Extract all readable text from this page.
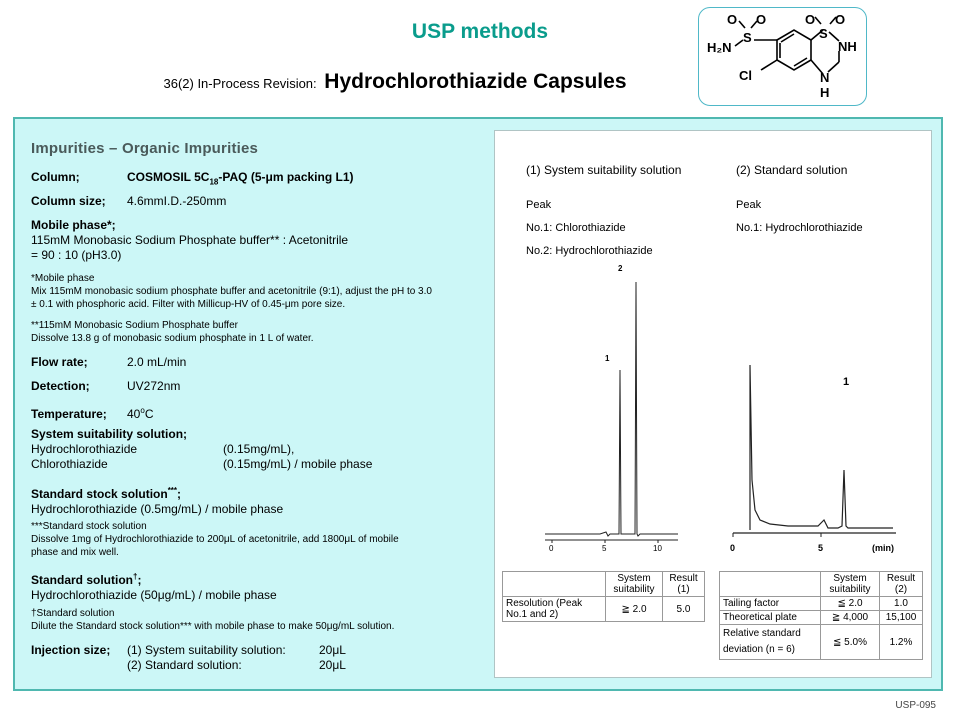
USP methods
36(2) In-Process Revision: Hydrochlorothiazide Capsules
O O	O O
H₂N
S	S
NH
Cl	N
H
Impurities – Organic Impurities
Column;	COSMOSIL $5C_{18}$-PAQ (5-μm packing L1)
Column size; 4.6mmI.D.-250mm
Mobile phase*;
115mM Monobasic Sodium Phosphate buffer** : Acetonitrile
= 90 : 10 (pH3.0)
*Mobile phase
Mix 115mM monobasic sodium phosphate buffer and acetonitrile (9:1), adjust the pH to 3.0
± 0.1 with phosphoric acid. Filter with Millicup-HV of 0.45-μm pore size.
**115mM Monobasic Sodium Phosphate buffer
Dissolve 13.8 g of monobasic sodium phosphate in 1 L of water.
Flow rate;	2.0 mL/min
Detection;	UV272nm
Temperature; 40$^o$C
System suitability solution;
Hydrochlorothiazide	(0.15mg/mL),
Chlorothiazide	(0.15mg/mL) / mobile phase
Standard stock solution***;
Hydrochlorothiazide (0.5mg/mL) / mobile phase
***Standard stock solution
Dissolve 1mg of Hydrochlorothiazide to 200μL of acetonitrile, add 1800μL of mobile
phase and mix well.
Standard solution†;
Hydrochlorothiazide (50μg/mL) / mobile phase
†Standard solution
Dilute the Standard stock solution*** with mobile phase to make 50μg/mL solution.
Injection size; (1) System suitability solution:	20μL
(2) Standard solution:	20μL
(1) System suitability solution
Peak
No.1: Chlorothiazide
No.2: Hydrochlorothiazide
(2) Standard solution
Peak
No.1: Hydrochlorothiazide
1
2
0	5	10
1
0	5	(min)
	System suitability	Result (1)
Resolution (Peak No.1 and 2)	≧ 2.0	5.0
	System suitability	Result (2)
Tailing factor	≦ 2.0	1.0
Theoretical plate	≧ 4,000	15,100
Relative standard deviation (n = 6)	≦ 5.0%	1.2%
USP-095
